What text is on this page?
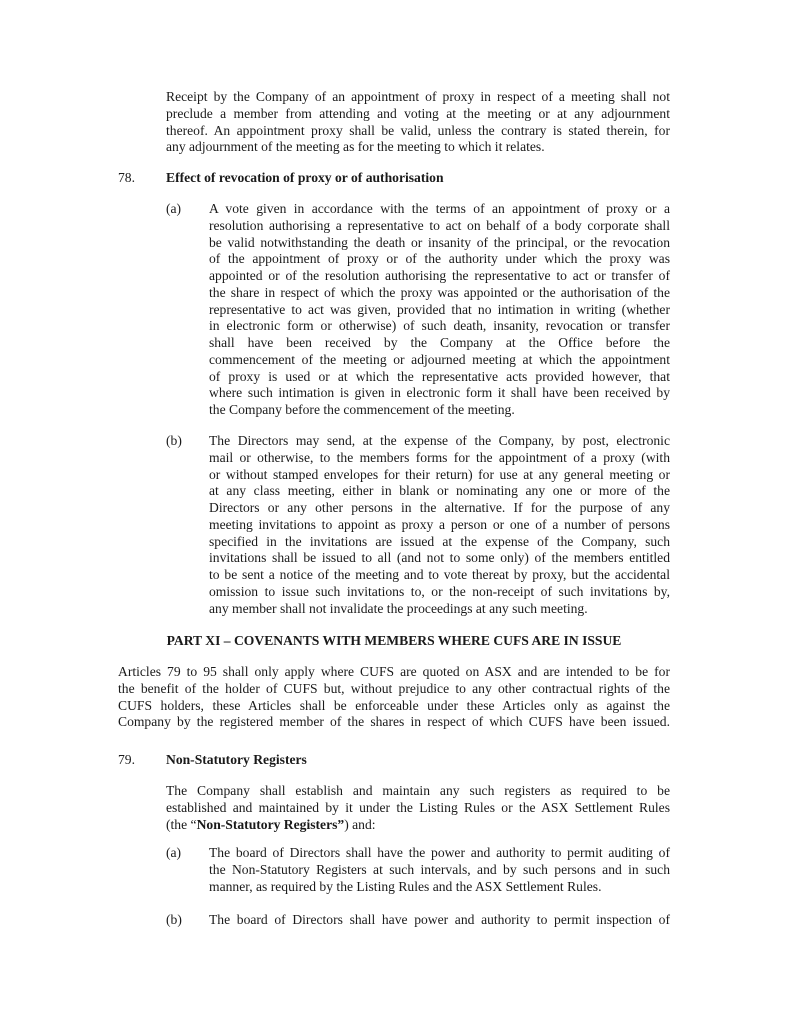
Receipt by the Company of an appointment of proxy in respect of a meeting shall not
preclude a member from attending and voting at the meeting or at any adjournment
thereof. An appointment proxy shall be valid, unless the contrary is stated therein, for
any adjournment of the meeting as for the meeting to which it relates.
78. Effect of revocation of proxy or of authorisation
(a) A vote given in accordance with the terms of an appointment of proxy or a
resolution authorising a representative to act on behalf of a body corporate shall
be valid notwithstanding the death or insanity of the principal, or the revocation
of the appointment of proxy or of the authority under which the proxy was
appointed or of the resolution authorising the representative to act or transfer of
the share in respect of which the proxy was appointed or the authorisation of the
representative to act was given, provided that no intimation in writing (whether
in electronic form or otherwise) of such death, insanity, revocation or transfer
shall have been received by the Company at the Office before the
commencement of the meeting or adjourned meeting at which the appointment
of proxy is used or at which the representative acts provided however, that
where such intimation is given in electronic form it shall have been received by
the Company before the commencement of the meeting.
(b) The Directors may send, at the expense of the Company, by post, electronic
mail or otherwise, to the members forms for the appointment of a proxy (with
or without stamped envelopes for their return) for use at any general meeting or
at any class meeting, either in blank or nominating any one or more of the
Directors or any other persons in the alternative. If for the purpose of any
meeting invitations to appoint as proxy a person or one of a number of persons
specified in the invitations are issued at the expense of the Company, such
invitations shall be issued to all (and not to some only) of the members entitled
to be sent a notice of the meeting and to vote thereat by proxy, but the accidental
omission to issue such invitations to, or the non-receipt of such invitations by,
any member shall not invalidate the proceedings at any such meeting.
PART XI – COVENANTS WITH MEMBERS WHERE CUFS ARE IN ISSUE
Articles 79 to 95 shall only apply where CUFS are quoted on ASX and are intended to be for
the benefit of the holder of CUFS but, without prejudice to any other contractual rights of the
CUFS holders, these Articles shall be enforceable under these Articles only as against the
Company by the registered member of the shares in respect of which CUFS have been issued.
79. Non-Statutory Registers
The Company shall establish and maintain any such registers as required to be
established and maintained by it under the Listing Rules or the ASX Settlement Rules
(the “Non-Statutory Registers”) and:
(a) The board of Directors shall have the power and authority to permit auditing of
the Non-Statutory Registers at such intervals, and by such persons and in such
manner, as required by the Listing Rules and the ASX Settlement Rules.
(b) The board of Directors shall have power and authority to permit inspection of
